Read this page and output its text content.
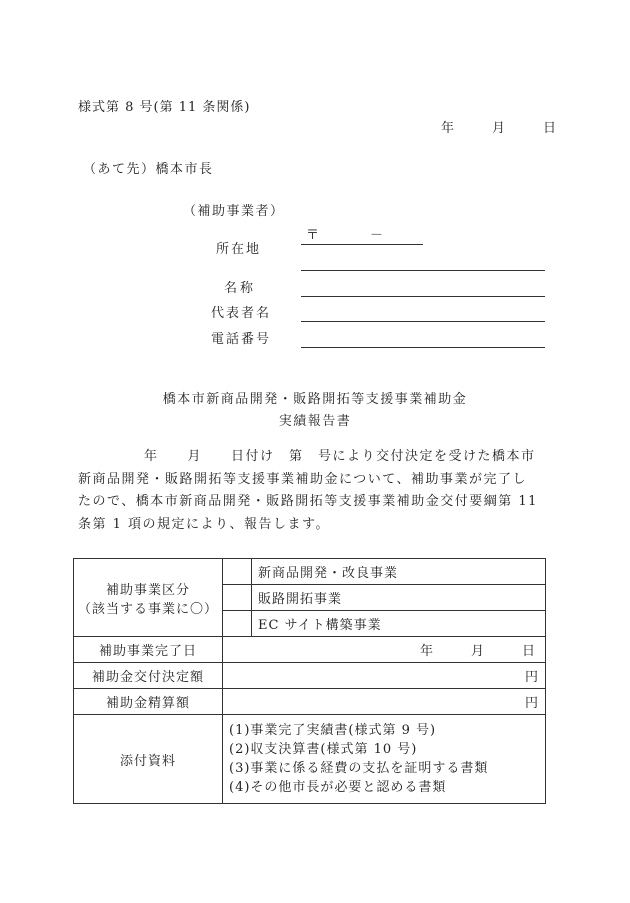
様式第 8 号(第 11 条関係)
年　　月　　日
（あて先）橋本市長
（補助事業者）
〒	－
所在地
名称
代表者名
電話番号
橋本市新商品開発・販路開拓等支援事業補助金
実績報告書
年　　月　　日付け　第　号により交付決定を受けた橋本市
新商品開発・販路開拓等支援事業補助金について、補助事業が完了し
たので、橋本市新商品開発・販路開拓等支援事業補助金交付要綱第 11
条第 1 項の規定により、報告します。
補助事業区分
（該当する事業に〇）		新商品開発・改良事業
		販路開拓事業
		EC サイト構築事業
補助事業完了日	年　　月　　日	
補助金交付決定額	円	
補助金精算額	円	
添付資料	(1)事業完了実績書(様式第 9 号)
(2)収支決算書(様式第 10 号)
(3)事業に係る経費の支払を証明する書類
(4)その他市長が必要と認める書類	
